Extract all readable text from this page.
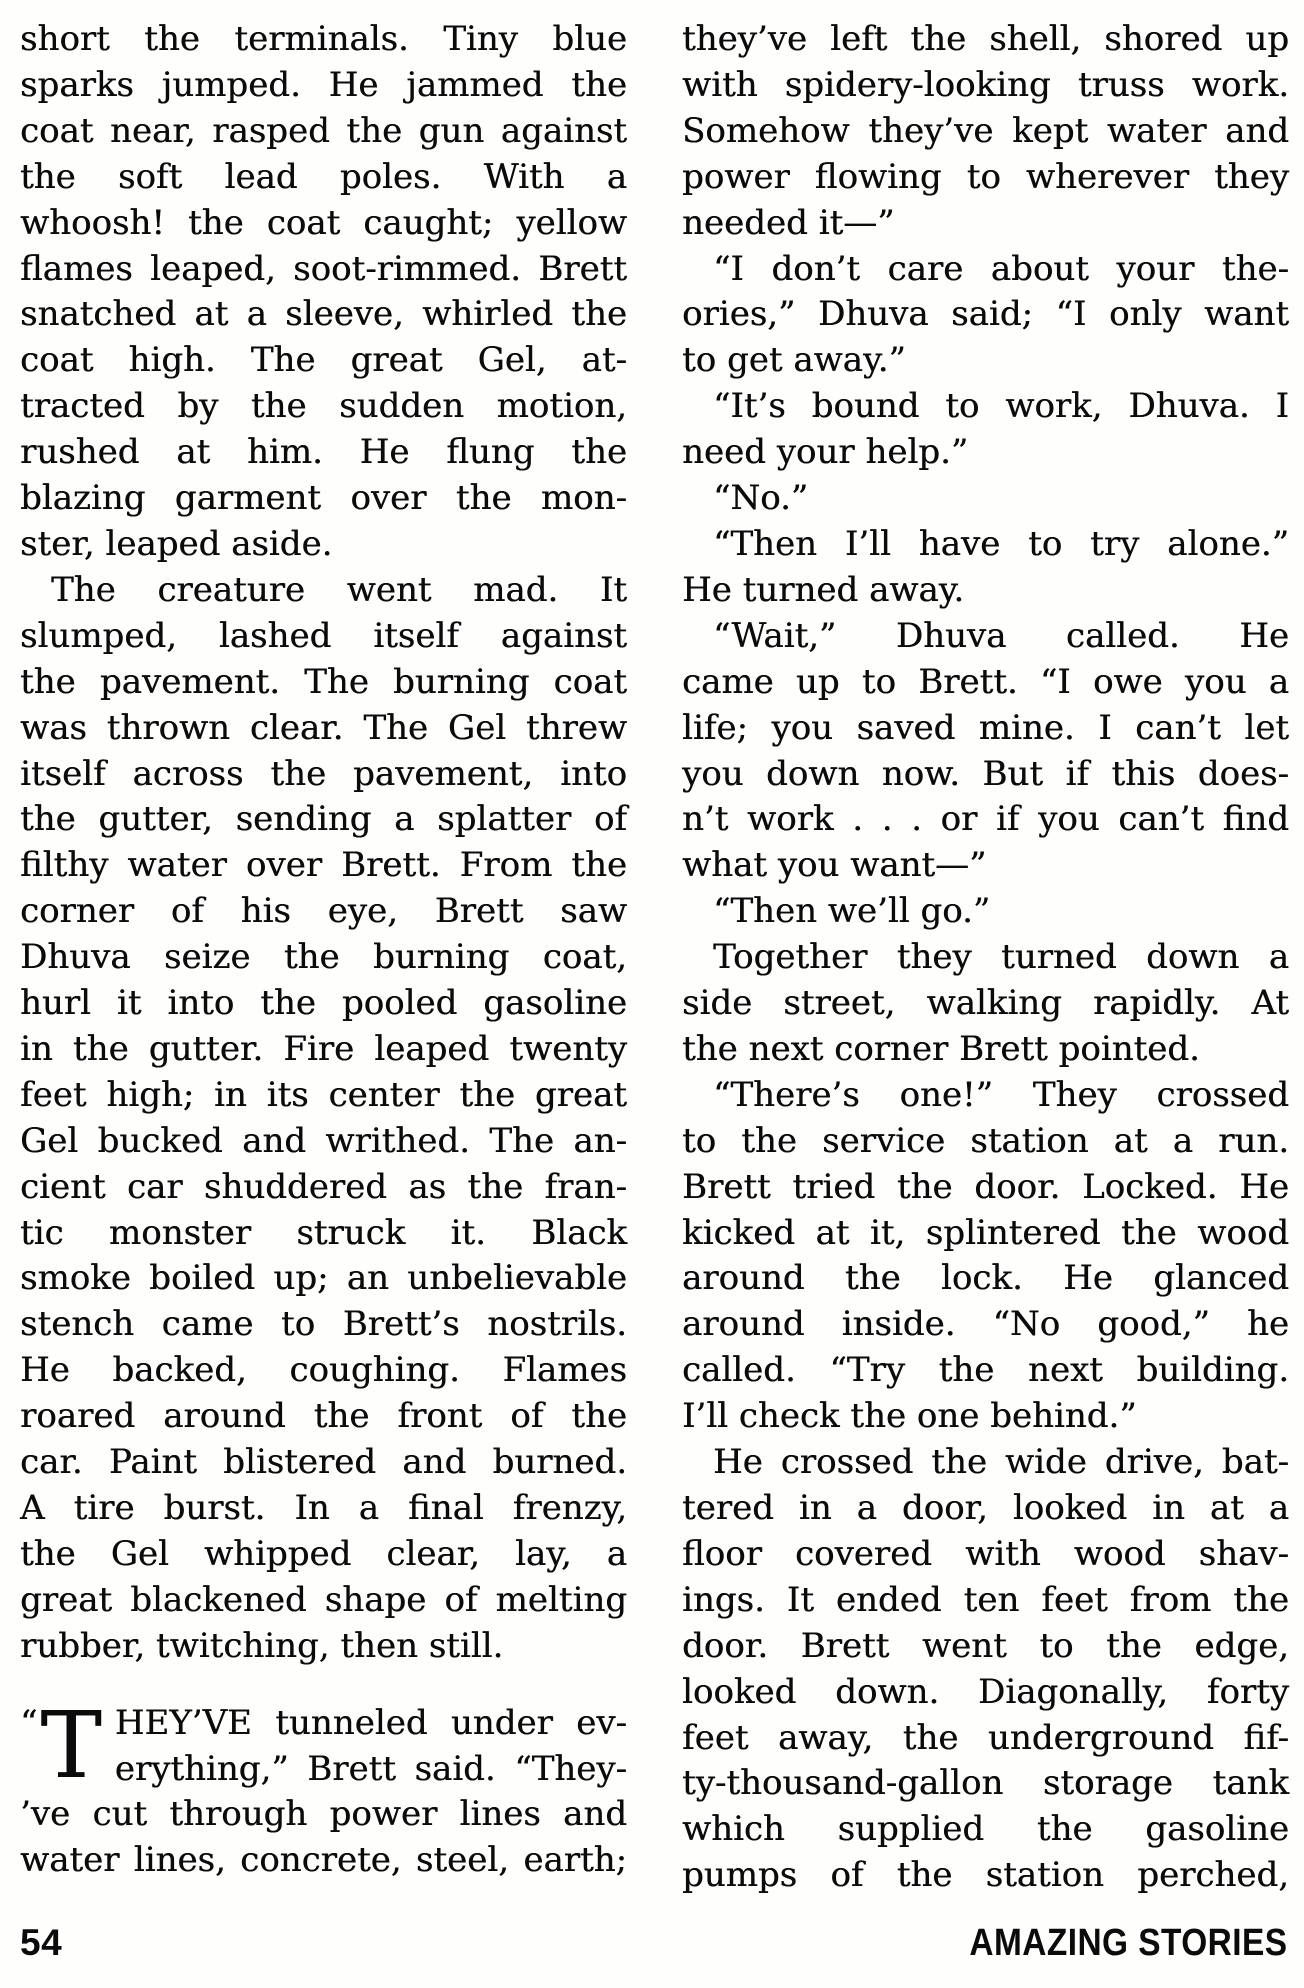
short the terminals. Tiny blue
sparks jumped. He jammed the
coat near, rasped the gun against
the soft lead poles. With a
whoosh! the coat caught; yellow
flames leaped, soot-rimmed. Brett
snatched at a sleeve, whirled the
coat high. The great Gel, at-
tracted by the sudden motion,
rushed at him. He flung the
blazing garment over the mon-
ster, leaped aside.
The creature went mad. It
slumped, lashed itself against
the pavement. The burning coat
was thrown clear. The Gel threw
itself across the pavement, into
the gutter, sending a splatter of
filthy water over Brett. From the
corner of his eye, Brett saw
Dhuva seize the burning coat,
hurl it into the pooled gasoline
in the gutter. Fire leaped twenty
feet high; in its center the great
Gel bucked and writhed. The an-
cient car shuddered as the fran-
tic monster struck it. Black
smoke boiled up; an unbelievable
stench came to Brett’s nostrils.
He backed, coughing. Flames
roared around the front of the
car. Paint blistered and burned.
A tire burst. In a final frenzy,
the Gel whipped clear, lay, a
great blackened shape of melting
rubber, twitching, then still.
“ T HEY’VE tunneled under ev-
erything,” Brett said. “They-
’ve cut through power lines and
water lines, concrete, steel, earth;
they’ve left the shell, shored up
with spidery-looking truss work.
Somehow they’ve kept water and
power flowing to wherever they
needed it—”
“I don’t care about your the-
ories,” Dhuva said; “I only want
to get away.”
“It’s bound to work, Dhuva. I
need your help.”
“No.”
“Then I’ll have to try alone.”
He turned away.
“Wait,” Dhuva called. He
came up to Brett. “I owe you a
life; you saved mine. I can’t let
you down now. But if this does-
n’t work . . . or if you can’t find
what you want—”
“Then we’ll go.”
Together they turned down a
side street, walking rapidly. At
the next corner Brett pointed.
“There’s one!” They crossed
to the service station at a run.
Brett tried the door. Locked. He
kicked at it, splintered the wood
around the lock. He glanced
around inside. “No good,” he
called. “Try the next building.
I’ll check the one behind.”
He crossed the wide drive, bat-
tered in a door, looked in at a
floor covered with wood shav-
ings. It ended ten feet from the
door. Brett went to the edge,
looked down. Diagonally, forty
feet away, the underground fif-
ty-thousand-gallon storage tank
which supplied the gasoline
pumps of the station perched,
54	AMAZING STORIES
